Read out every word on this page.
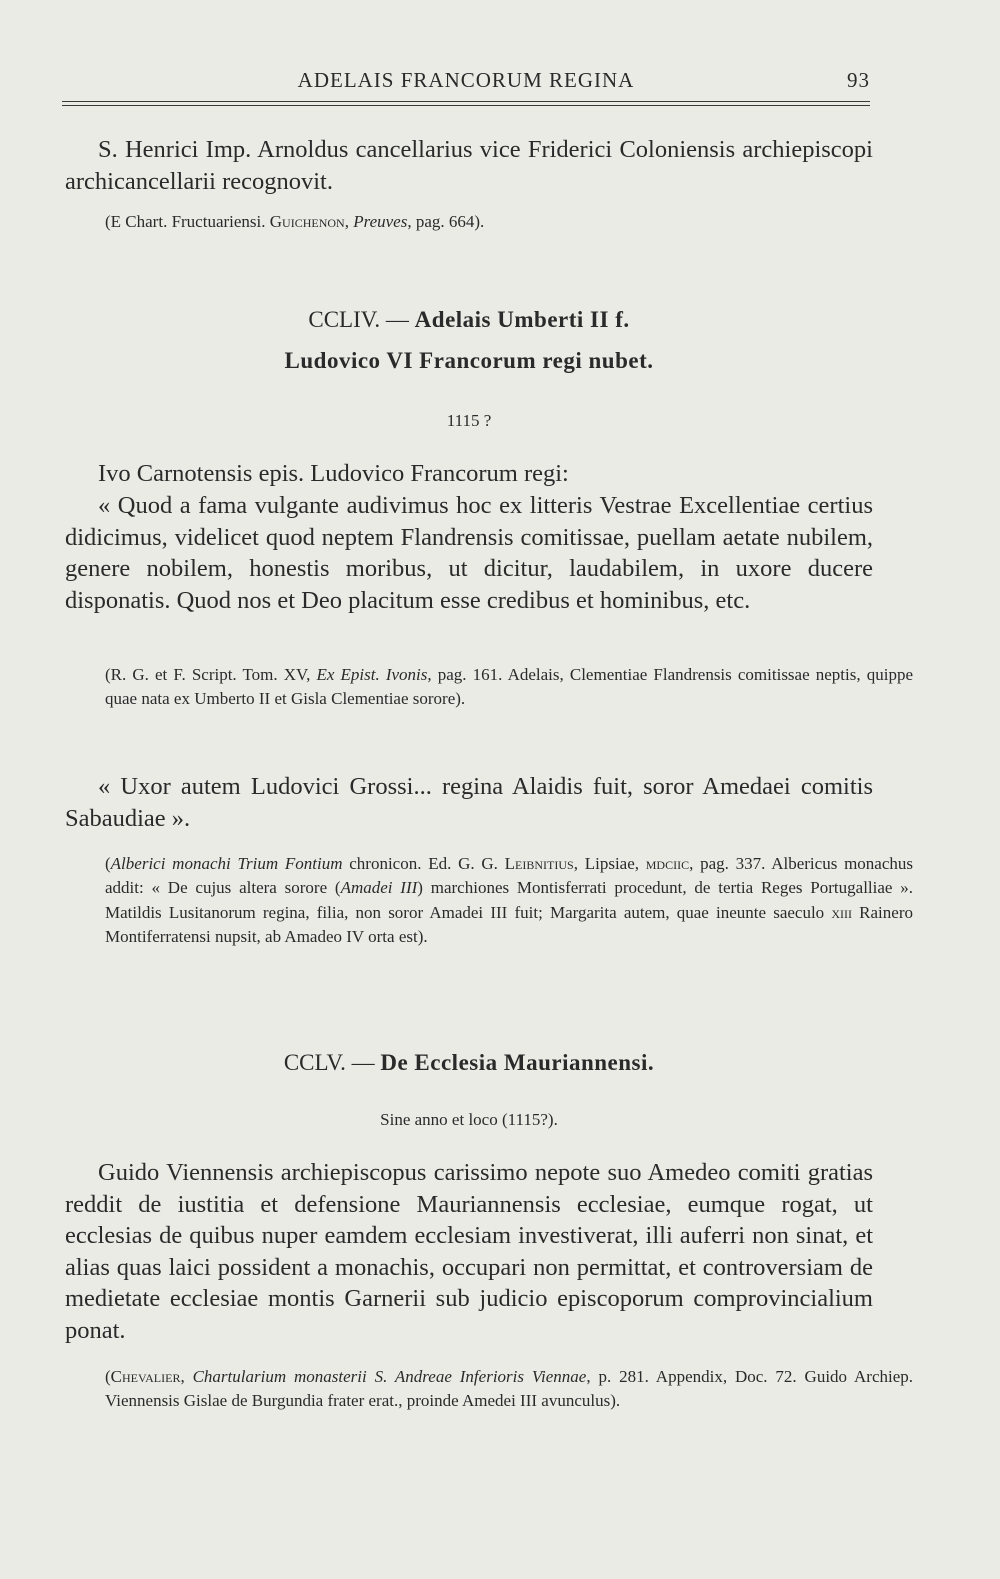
ADELAIS FRANCORUM REGINA	93
S. Henrici Imp. Arnoldus cancellarius vice Friderici Coloniensis archiepiscopi archicancellarii recognovit.
(E Chart. Fructuariensi. Guichenon, Preuves, pag. 664).
CCLIV. — Adelais Umberti II f.
Ludovico VI Francorum regi nubet.
1115 ?
Ivo Carnotensis epis. Ludovico Francorum regi:
« Quod a fama vulgante audivimus hoc ex litteris Vestrae Excellentiae certius didicimus, videlicet quod neptem Flandrensis comitissae, puellam aetate nubilem, genere nobilem, honestis moribus, ut dicitur, laudabilem, in uxore ducere disponatis. Quod nos et Deo placitum esse credibus et hominibus, etc.
(R. G. et F. Script. Tom. XV, Ex Epist. Ivonis, pag. 161. Adelais, Clementiae Flandrensis comitissae neptis, quippe quae nata ex Umberto II et Gisla Clementiae sorore).
« Uxor autem Ludovici Grossi... regina Alaidis fuit, soror Amedaei comitis Sabaudiae ».
(Alberici monachi Trium Fontium chronicon. Ed. G. G. Leibnitius, Lipsiae, mdciic, pag. 337. Albericus monachus addit: « De cujus altera sorore (Amadei III) marchiones Montisferrati procedunt, de tertia Reges Portugalliae ». Matildis Lusitanorum regina, filia, non soror Amadei III fuit; Margarita autem, quae ineunte saeculo xiii Rainero Montiferratensi nupsit, ab Amadeo IV orta est).
CCLV. — De Ecclesia Mauriannensi.
Sine anno et loco (1115?).
Guido Viennensis archiepiscopus carissimo nepote suo Amedeo comiti gratias reddit de iustitia et defensione Mauriannensis ecclesiae, eumque rogat, ut ecclesias de quibus nuper eamdem ecclesiam investiverat, illi auferri non sinat, et alias quas laici possident a monachis, occupari non permittat, et controversiam de medietate ecclesiae montis Garnerii sub judicio episcoporum comprovincialium ponat.
(Chevalier, Chartularium monasterii S. Andreae Inferioris Viennae, p. 281. Appendix, Doc. 72. Guido Archiep. Viennensis Gislae de Burgundia frater erat., proinde Amedei III avunculus).
